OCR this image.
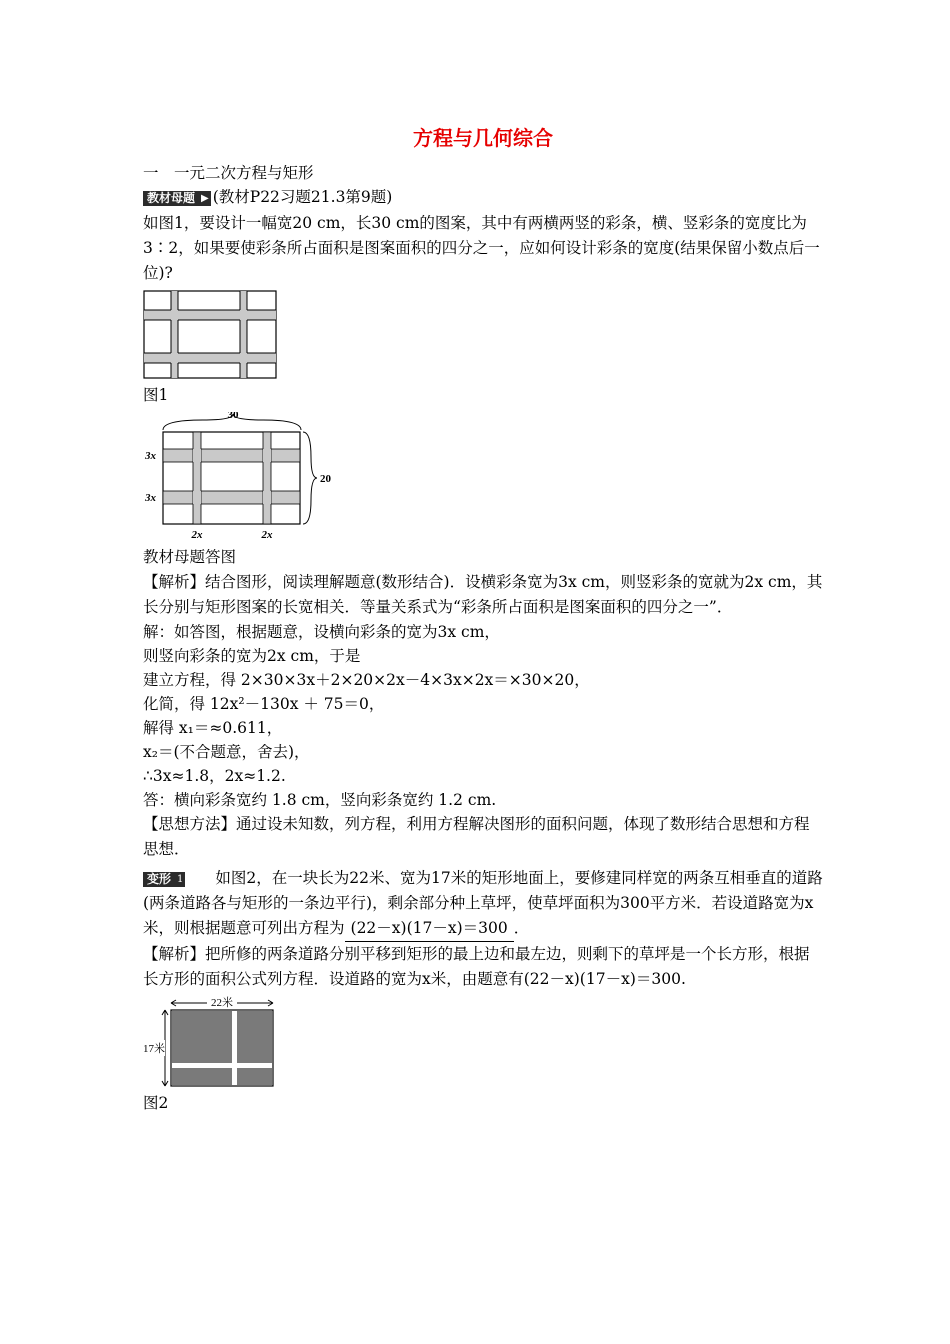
方程与几何综合
一　一元二次方程与矩形
教材母题 ▶ (教材P22习题21.3第9题)
如图1，要设计一幅宽20 cm，长30 cm的图案，其中有两横两竖的彩条，横、竖彩条的宽度比为3∶2，如果要使彩条所占面积是图案面积的四分之一，应如何设计彩条的宽度(结果保留小数点后一位)?
图1
30
20
3x
3x
2x	2x
教材母题答图
【解析】结合图形，阅读理解题意(数形结合)．设横彩条宽为3x cm，则竖彩条的宽就为2x cm，其长分别与矩形图案的长宽相关．等量关系式为“彩条所占面积是图案面积的四分之一”．
解：如答图，根据题意，设横向彩条的宽为3x cm，
则竖向彩条的宽为2x cm，于是
建立方程，得 2×30×3x＋2×20×2x－4×3x×2x＝×30×20，
化简，得 12x²－130x ＋ 75＝0，
解得 x₁＝≈0.611，
x₂＝(不合题意，舍去)，
∴3x≈1.8，2x≈1.2.
答：横向彩条宽约 1.8 cm，竖向彩条宽约 1.2 cm.
【思想方法】通过设未知数，列方程，利用方程解决图形的面积问题，体现了数形结合思想和方程思想．
变形 1 如图2，在一块长为22米、宽为17米的矩形地面上，要修建同样宽的两条互相垂直的道路(两条道路各与矩形的一条边平行)，剩余部分种上草坪，使草坪面积为300平方米．若设道路宽为x米，则根据题意可列出方程为 (22－x)(17－x)＝300 ．
【解析】把所修的两条道路分别平移到矩形的最上边和最左边，则剩下的草坪是一个长方形，根据长方形的面积公式列方程．设道路的宽为x米，由题意有(22－x)(17－x)＝300.
22米
17米
图2
